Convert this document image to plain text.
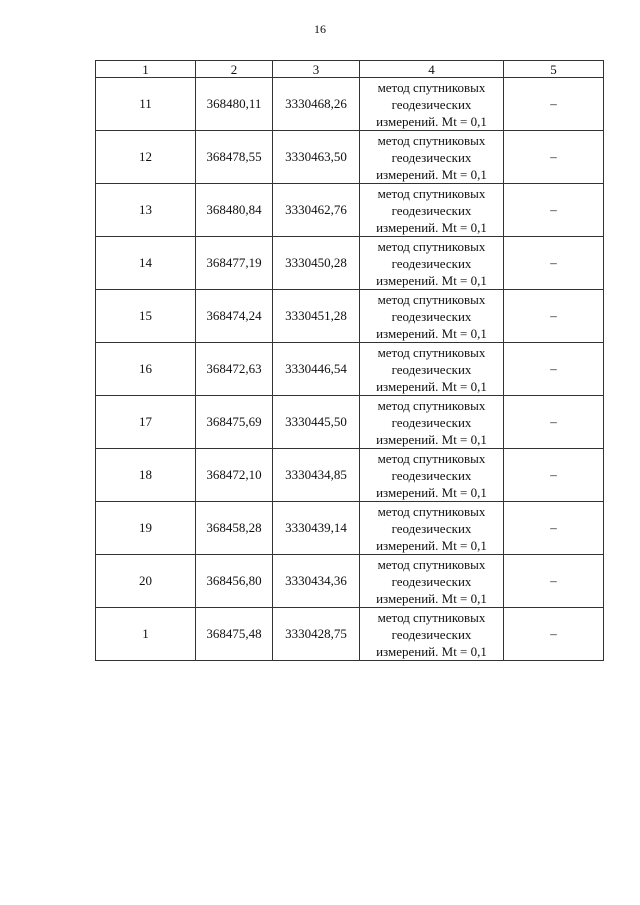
16
1	2	3	4	5
11	368480,11	3330468,26	метод спутниковых
геодезических
измерений. Mt = 0,1	–
12	368478,55	3330463,50	метод спутниковых
геодезических
измерений. Mt = 0,1	–
13	368480,84	3330462,76	метод спутниковых
геодезических
измерений. Mt = 0,1	–
14	368477,19	3330450,28	метод спутниковых
геодезических
измерений. Mt = 0,1	–
15	368474,24	3330451,28	метод спутниковых
геодезических
измерений. Mt = 0,1	–
16	368472,63	3330446,54	метод спутниковых
геодезических
измерений. Mt = 0,1	–
17	368475,69	3330445,50	метод спутниковых
геодезических
измерений. Mt = 0,1	–
18	368472,10	3330434,85	метод спутниковых
геодезических
измерений. Mt = 0,1	–
19	368458,28	3330439,14	метод спутниковых
геодезических
измерений. Mt = 0,1	–
20	368456,80	3330434,36	метод спутниковых
геодезических
измерений. Mt = 0,1	–
1	368475,48	3330428,75	метод спутниковых
геодезических
измерений. Mt = 0,1	–
